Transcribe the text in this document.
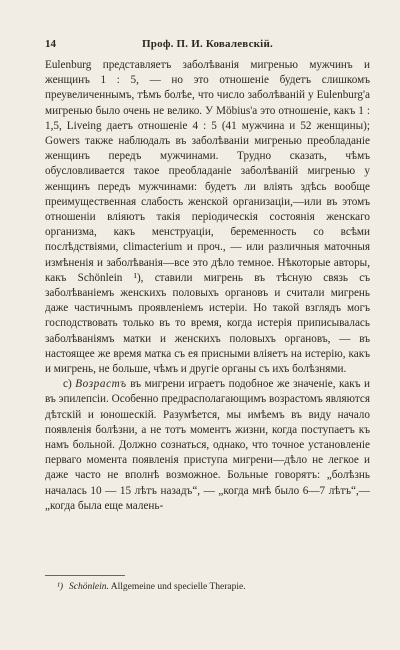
14	Проф. П. И. Ковалевскій.

Eulenburg представляетъ заболѣванія мигренью мужчинъ и женщинъ 1 : 5, — но это отношеніе будетъ слишкомъ преувеличеннымъ, тѣмъ болѣе, что число заболѣваній у Eulenburg'а мигренью было очень не велико. У Möbius'а это отношеніе, какъ 1 : 1,5, Liveing даетъ отношеніе 4 : 5 (41 мужчина и 52 женщины); Gowers также наблюдалъ въ заболѣваніи мигренью преобладаніе женщинъ передъ мужчинами. Трудно сказать, чѣмъ обусловливается такое преобладаніе заболѣваній мигренью у женщинъ передъ мужчинами: будетъ ли вліять здѣсь вообще преимущественная слабость женской организаціи,—или въ этомъ отношеніи вліяютъ такія періодическія состоянія женскаго организма, какъ менструаціи, беременность со всѣми послѣдствіями, climacterium и проч., — или различныя маточныя измѣненія и заболѣванія—все это дѣло темное. Нѣкоторые авторы, какъ Schönlein ¹), ставили мигрень въ тѣсную связь съ заболѣваніемъ женскихъ половыхъ органовъ и считали мигрень даже частичнымъ проявленіемъ истеріи. Но такой взглядъ могъ господствовать только въ то время, когда истерія приписывалась заболѣваніямъ матки и женскихъ половыхъ органовъ, — въ настоящее же время матка съ ея присными вліяетъ на истерію, какъ и мигрень, не больше, чѣмъ и другіе органы съ ихъ болѣзнями.

c) Возрастъ въ мигрени играетъ подобное же значеніе, какъ и въ эпилепсіи. Особенно предрасполагающимъ возрастомъ являются дѣтскій и юношескій. Разумѣется, мы имѣемъ въ виду начало появленія болѣзни, а не тотъ моментъ жизни, когда поступаетъ къ намъ больной. Должно сознаться, однако, что точное установленіе перваго момента появленія приступа мигрени—дѣло не легкое и даже часто не вполнѣ возможное. Больные говорятъ: „болѣзнь началась 10 — 15 лѣтъ назадъ“, — „когда мнѣ было 6—7 лѣтъ“,—„когда была еще малень-

¹) Schönlein. Allgemeine und specielle Therapie.
